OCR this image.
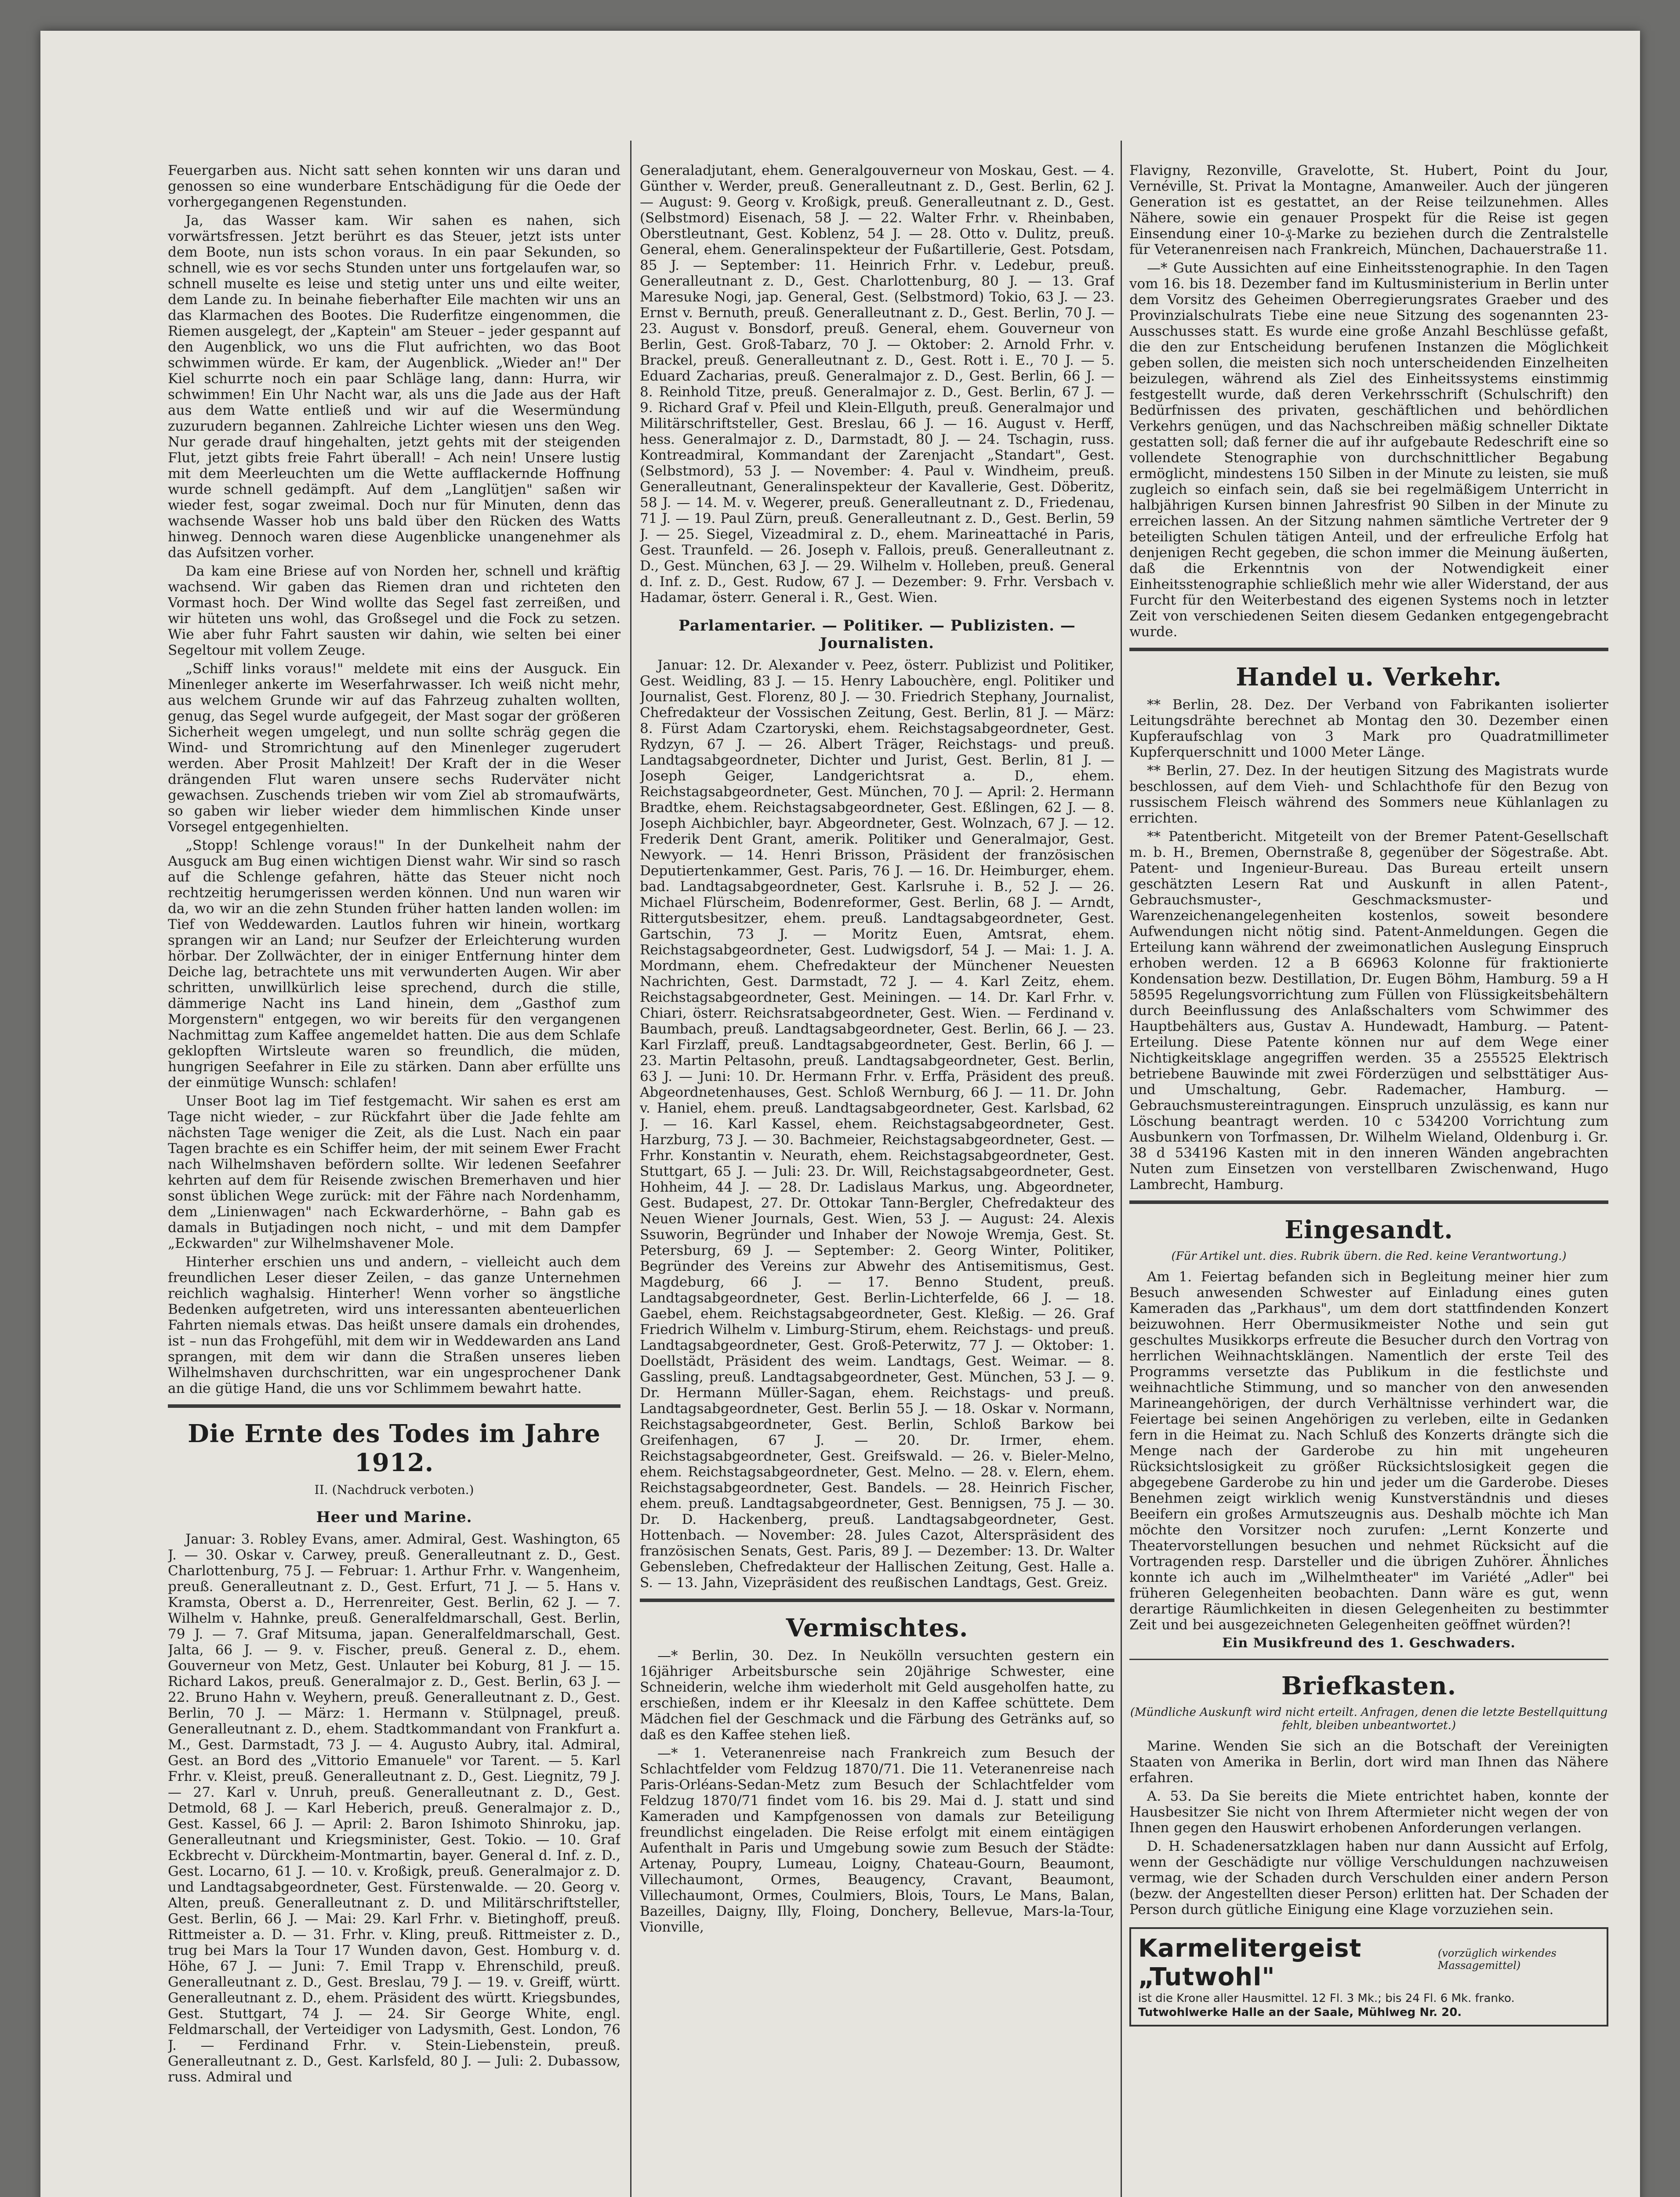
Feuergarben aus. Nicht satt sehen konnten wir uns daran und genossen so eine wunderbare Entschädigung für die Oede der vorhergegangenen Regenstunden.

Ja, das Wasser kam. Wir sahen es nahen, sich vorwärtsfressen. Jetzt berührt es das Steuer, jetzt ists unter dem Boote, nun ists schon voraus. In ein paar Sekunden, so schnell, wie es vor sechs Stunden unter uns fortgelaufen war, so schnell muselte es leise und stetig unter uns und eilte weiter, dem Lande zu. In beinahe fieberhafter Eile machten wir uns an das Klarmachen des Bootes. Die Ruderfitze eingenommen, die Riemen ausgelegt, der „Kaptein" am Steuer – jeder gespannt auf den Augenblick, wo uns die Flut aufrichten, wo das Boot schwimmen würde. Er kam, der Augenblick. „Wieder an!" Der Kiel schurrte noch ein paar Schläge lang, dann: Hurra, wir schwimmen! Ein Uhr Nacht war, als uns die Jade aus der Haft aus dem Watte entließ und wir auf die Wesermündung zuzurudern begannen. Zahlreiche Lichter wiesen uns den Weg. Nur gerade drauf hingehalten, jetzt gehts mit der steigenden Flut, jetzt gibts freie Fahrt überall! – Ach nein! Unsere lustig mit dem Meerleuchten um die Wette aufflackernde Hoffnung wurde schnell gedämpft. Auf dem „Langlütjen" saßen wir wieder fest, sogar zweimal. Doch nur für Minuten, denn das wachsende Wasser hob uns bald über den Rücken des Watts hinweg. Dennoch waren diese Augenblicke unangenehmer als das Aufsitzen vorher.

Da kam eine Briese auf von Norden her, schnell und kräftig wachsend. Wir gaben das Riemen dran und richteten den Vormast hoch. Der Wind wollte das Segel fast zerreißen, und wir hüteten uns wohl, das Großsegel und die Fock zu setzen. Wie aber fuhr Fahrt sausten wir dahin, wie selten bei einer Segeltour mit vollem Zeuge.

„Schiff links voraus!" meldete mit eins der Ausguck. Ein Minenleger ankerte im Weserfahrwasser. Ich weiß nicht mehr, aus welchem Grunde wir auf das Fahrzeug zuhalten wollten, genug, das Segel wurde aufgegeit, der Mast sogar der größeren Sicherheit wegen umgelegt, und nun sollte schräg gegen die Wind- und Stromrichtung auf den Minenleger zugerudert werden. Aber Prosit Mahlzeit! Der Kraft der in die Weser drängenden Flut waren unsere sechs Ruderväter nicht gewachsen. Zuschends trieben wir vom Ziel ab stromaufwärts, so gaben wir lieber wieder dem himmlischen Kinde unser Vorsegel entgegenhielten.

„Stopp! Schlenge voraus!" In der Dunkelheit nahm der Ausguck am Bug einen wichtigen Dienst wahr. Wir sind so rasch auf die Schlenge gefahren, hätte das Steuer nicht noch rechtzeitig herumgerissen werden können. Und nun waren wir da, wo wir an die zehn Stunden früher hatten landen wollen: im Tief von Weddewarden. Lautlos fuhren wir hinein, wortkarg sprangen wir an Land; nur Seufzer der Erleichterung wurden hörbar. Der Zollwächter, der in einiger Entfernung hinter dem Deiche lag, betrachtete uns mit verwunderten Augen. Wir aber schritten, unwillkürlich leise sprechend, durch die stille, dämmerige Nacht ins Land hinein, dem „Gasthof zum Morgenstern" entgegen, wo wir bereits für den vergangenen Nachmittag zum Kaffee angemeldet hatten. Die aus dem Schlafe geklopften Wirtsleute waren so freundlich, die müden, hungrigen Seefahrer in Eile zu stärken. Dann aber erfüllte uns der einmütige Wunsch: schlafen!

Unser Boot lag im Tief festgemacht. Wir sahen es erst am Tage nicht wieder, – zur Rückfahrt über die Jade fehlte am nächsten Tage weniger die Zeit, als die Lust. Nach ein paar Tagen brachte es ein Schiffer heim, der mit seinem Ewer Fracht nach Wilhelmshaven befördern sollte. Wir ledenen Seefahrer kehrten auf dem für Reisende zwischen Bremerhaven und hier sonst üblichen Wege zurück: mit der Fähre nach Nordenhamm, dem „Linienwagen" nach Eckwarderhörne, – Bahn gab es damals in Butjadingen noch nicht, – und mit dem Dampfer „Eckwarden" zur Wilhelmshavener Mole.

Hinterher erschien uns und andern, – vielleicht auch dem freundlichen Leser dieser Zeilen, – das ganze Unternehmen reichlich waghalsig. Hinterher! Wenn vorher so ängstliche Bedenken aufgetreten, wird uns interessanten abenteuerlichen Fahrten niemals etwas. Das heißt unsere damals ein drohendes, ist – nun das Frohgefühl, mit dem wir in Weddewarden ans Land sprangen, mit dem wir dann die Straßen unseres lieben Wilhelmshaven durchschritten, war ein ungesprochener Dank an die gütige Hand, die uns vor Schlimmem bewahrt hatte.

Die Ernte des Todes im Jahre 1912.
II. (Nachdruck verboten.)
Heer und Marine.

Januar: 3. Robley Evans, amer. Admiral, Gest. Washington, 65 J. — 30. Oskar v. Carwey, preuß. Generalleutnant z. D., Gest. Charlottenburg, 75 J. — Februar: 1. Arthur Frhr. v. Wangenheim, preuß. Generalleutnant z. D., Gest. Erfurt, 71 J. — 5. Hans v. Kramsta, Oberst a. D., Herrenreiter, Gest. Berlin, 62 J. — 7. Wilhelm v. Hahnke, preuß. Generalfeldmarschall, Gest. Berlin, 79 J. — 7. Graf Mitsuma, japan. Generalfeldmarschall, Gest. Jalta, 66 J. — 9. v. Fischer, preuß. General z. D., ehem. Gouverneur von Metz, Gest. Unlauter bei Koburg, 81 J. — 15. Richard Lakos, preuß. Generalmajor z. D., Gest. Berlin, 63 J. — 22. Bruno Hahn v. Weyhern, preuß. Generalleutnant z. D., Gest. Berlin, 70 J. — März: 1. Hermann v. Stülpnagel, preuß. Generalleutnant z. D., ehem. Stadtkommandant von Frankfurt a. M., Gest. Darmstadt, 73 J. — 4. Augusto Aubry, ital. Admiral, Gest. an Bord des „Vittorio Emanuele" vor Tarent. — 5. Karl Frhr. v. Kleist, preuß. Generalleutnant z. D., Gest. Liegnitz, 79 J. — 27. Karl v. Unruh, preuß. Generalleutnant z. D., Gest. Detmold, 68 J. — Karl Heberich, preuß. Generalmajor z. D., Gest. Kassel, 66 J. — April: 2. Baron Ishimoto Shinroku, jap. Generalleutnant und Kriegsminister, Gest. Tokio. — 10. Graf Eckbrecht v. Dürckheim-Montmartin, bayer. General d. Inf. z. D., Gest. Locarno, 61 J. — 10. v. Kroßigk, preuß. Generalmajor z. D. und Landtagsabgeordneter, Gest. Fürstenwalde. — 20. Georg v. Alten, preuß. Generalleutnant z. D. und Militärschriftsteller, Gest. Berlin, 66 J. — Mai: 29. Karl Frhr. v. Bietinghoff, preuß. Rittmeister a. D. — 31. Frhr. v. Kling, preuß. Rittmeister z. D., trug bei Mars la Tour 17 Wunden davon, Gest. Homburg v. d. Höhe, 67 J. — Juni: 7. Emil Trapp v. Ehrenschild, preuß. Generalleutnant z. D., Gest. Breslau, 79 J. — 19. v. Greiff, württ. Generalleutnant z. D., ehem. Präsident des württ. Kriegsbundes, Gest. Stuttgart, 74 J. — 24. Sir George White, engl. Feldmarschall, der Verteidiger von Ladysmith, Gest. London, 76 J. — Ferdinand Frhr. v. Stein-Liebenstein, preuß. Generalleutnant z. D., Gest. Karlsfeld, 80 J. — Juli: 2. Dubassow, russ. Admiral und

Generaladjutant, ehem. Generalgouverneur von Moskau, Gest. — 4. Günther v. Werder, preuß. Generalleutnant z. D., Gest. Berlin, 62 J. — August: 9. Georg v. Kroßigk, preuß. Generalleutnant z. D., Gest. (Selbstmord) Eisenach, 58 J. — 22. Walter Frhr. v. Rheinbaben, Oberstleutnant, Gest. Koblenz, 54 J. — 28. Otto v. Dulitz, preuß. General, ehem. Generalinspekteur der Fußartillerie, Gest. Potsdam, 85 J. — September: 11. Heinrich Frhr. v. Ledebur, preuß. Generalleutnant z. D., Gest. Charlottenburg, 80 J. — 13. Graf Maresuke Nogi, jap. General, Gest. (Selbstmord) Tokio, 63 J. — 23. Ernst v. Bernuth, preuß. Generalleutnant z. D., Gest. Berlin, 70 J. — 23. August v. Bonsdorf, preuß. General, ehem. Gouverneur von Berlin, Gest. Groß-Tabarz, 70 J. — Oktober: 2. Arnold Frhr. v. Brackel, preuß. Generalleutnant z. D., Gest. Rott i. E., 70 J. — 5. Eduard Zacharias, preuß. Generalmajor z. D., Gest. Berlin, 66 J. — 8. Reinhold Titze, preuß. Generalmajor z. D., Gest. Berlin, 67 J. — 9. Richard Graf v. Pfeil und Klein-Ellguth, preuß. Generalmajor und Militärschriftsteller, Gest. Breslau, 66 J. — 16. August v. Herff, hess. Generalmajor z. D., Darmstadt, 80 J. — 24. Tschagin, russ. Kontreadmiral, Kommandant der Zarenjacht „Standart", Gest. (Selbstmord), 53 J. — November: 4. Paul v. Windheim, preuß. Generalleutnant, Generalinspekteur der Kavallerie, Gest. Döberitz, 58 J. — 14. M. v. Wegerer, preuß. Generalleutnant z. D., Friedenau, 71 J. — 19. Paul Zürn, preuß. Generalleutnant z. D., Gest. Berlin, 59 J. — 25. Siegel, Vizeadmiral z. D., ehem. Marineattaché in Paris, Gest. Traunfeld. — 26. Joseph v. Fallois, preuß. Generalleutnant z. D., Gest. München, 63 J. — 29. Wilhelm v. Holleben, preuß. General d. Inf. z. D., Gest. Rudow, 67 J. — Dezember: 9. Frhr. Versbach v. Hadamar, österr. General i. R., Gest. Wien.

Parlamentarier. — Politiker. — Publizisten. — Journalisten.

Januar: 12. Dr. Alexander v. Peez, österr. Publizist und Politiker, Gest. Weidling, 83 J. — 15. Henry Labouchère, engl. Politiker und Journalist, Gest. Florenz, 80 J. — 30. Friedrich Stephany, Journalist, Chefredakteur der Vossischen Zeitung, Gest. Berlin, 81 J. — März: 8. Fürst Adam Czartoryski, ehem. Reichstagsabgeordneter, Gest. Rydzyn, 67 J. — 26. Albert Träger, Reichstags- und preuß. Landtagsabgeordneter, Dichter und Jurist, Gest. Berlin, 81 J. — Joseph Geiger, Landgerichtsrat a. D., ehem. Reichstagsabgeordneter, Gest. München, 70 J. — April: 2. Hermann Bradtke, ehem. Reichstagsabgeordneter, Gest. Eßlingen, 62 J. — 8. Joseph Aichbichler, bayr. Abgeordneter, Gest. Wolnzach, 67 J. — 12. Frederik Dent Grant, amerik. Politiker und Generalmajor, Gest. Newyork. — 14. Henri Brisson, Präsident der französischen Deputiertenkammer, Gest. Paris, 76 J. — 16. Dr. Heimburger, ehem. bad. Landtagsabgeordneter, Gest. Karlsruhe i. B., 52 J. — 26. Michael Flürscheim, Bodenreformer, Gest. Berlin, 68 J. — Arndt, Rittergutsbesitzer, ehem. preuß. Landtagsabgeordneter, Gest. Gartschin, 73 J. — Moritz Euen, Amtsrat, ehem. Reichstagsabgeordneter, Gest. Ludwigsdorf, 54 J. — Mai: 1. J. A. Mordmann, ehem. Chefredakteur der Münchener Neuesten Nachrichten, Gest. Darmstadt, 72 J. — 4. Karl Zeitz, ehem. Reichstagsabgeordneter, Gest. Meiningen. — 14. Dr. Karl Frhr. v. Chiari, österr. Reichsratsabgeordneter, Gest. Wien. — Ferdinand v. Baumbach, preuß. Landtagsabgeordneter, Gest. Berlin, 66 J. — 23. Karl Firzlaff, preuß. Landtagsabgeordneter, Gest. Berlin, 66 J. — 23. Martin Peltasohn, preuß. Landtagsabgeordneter, Gest. Berlin, 63 J. — Juni: 10. Dr. Hermann Frhr. v. Erffa, Präsident des preuß. Abgeordnetenhauses, Gest. Schloß Wernburg, 66 J. — 11. Dr. John v. Haniel, ehem. preuß. Landtagsabgeordneter, Gest. Karlsbad, 62 J. — 16. Karl Kassel, ehem. Reichstagsabgeordneter, Gest. Harzburg, 73 J. — 30. Bachmeier, Reichstagsabgeordneter, Gest. — Frhr. Konstantin v. Neurath, ehem. Reichstagsabgeordneter, Gest. Stuttgart, 65 J. — Juli: 23. Dr. Will, Reichstagsabgeordneter, Gest. Hohheim, 44 J. — 28. Dr. Ladislaus Markus, ung. Abgeordneter, Gest. Budapest, 27. Dr. Ottokar Tann-Bergler, Chefredakteur des Neuen Wiener Journals, Gest. Wien, 53 J. — August: 24. Alexis Ssuworin, Begründer und Inhaber der Nowoje Wremja, Gest. St. Petersburg, 69 J. — September: 2. Georg Winter, Politiker, Begründer des Vereins zur Abwehr des Antisemitismus, Gest. Magdeburg, 66 J. — 17. Benno Student, preuß. Landtagsabgeordneter, Gest. Berlin-Lichterfelde, 66 J. — 18. Gaebel, ehem. Reichstagsabgeordneter, Gest. Kleßig. — 26. Graf Friedrich Wilhelm v. Limburg-Stirum, ehem. Reichstags- und preuß. Landtagsabgeordneter, Gest. Groß-Peterwitz, 77 J. — Oktober: 1. Doellstädt, Präsident des weim. Landtags, Gest. Weimar. — 8. Gassling, preuß. Landtagsabgeordneter, Gest. München, 53 J. — 9. Dr. Hermann Müller-Sagan, ehem. Reichstags- und preuß. Landtagsabgeordneter, Gest. Berlin 55 J. — 18. Oskar v. Normann, Reichstagsabgeordneter, Gest. Berlin, Schloß Barkow bei Greifenhagen, 67 J. — 20. Dr. Irmer, ehem. Reichstagsabgeordneter, Gest. Greifswald. — 26. v. Bieler-Melno, ehem. Reichstagsabgeordneter, Gest. Melno. — 28. v. Elern, ehem. Reichstagsabgeordneter, Gest. Bandels. — 28. Heinrich Fischer, ehem. preuß. Landtagsabgeordneter, Gest. Bennigsen, 75 J. — 30. Dr. D. Hackenberg, preuß. Landtagsabgeordneter, Gest. Hottenbach. — November: 28. Jules Cazot, Alterspräsident des französischen Senats, Gest. Paris, 89 J. — Dezember: 13. Dr. Walter Gebensleben, Chefredakteur der Hallischen Zeitung, Gest. Halle a. S. — 13. Jahn, Vizepräsident des reußischen Landtags, Gest. Greiz.

Vermischtes.

—* Berlin, 30. Dez. In Neukölln versuchten gestern ein 16jähriger Arbeitsbursche sein 20jährige Schwester, eine Schneiderin, welche ihm wiederholt mit Geld ausgeholfen hatte, zu erschießen, indem er ihr Kleesalz in den Kaffee schüttete. Dem Mädchen fiel der Geschmack und die Färbung des Getränks auf, so daß es den Kaffee stehen ließ.

—* 1. Veteranenreise nach Frankreich zum Besuch der Schlachtfelder vom Feldzug 1870/71. Die 11. Veteranenreise nach Paris-Orléans-Sedan-Metz zum Besuch der Schlachtfelder vom Feldzug 1870/71 findet vom 16. bis 29. Mai d. J. statt und sind Kameraden und Kampfgenossen von damals zur Beteiligung freundlichst eingeladen. Die Reise erfolgt mit einem eintägigen Aufenthalt in Paris und Umgebung sowie zum Besuch der Städte: Artenay, Poupry, Lumeau, Loigny, Chateau-Gourn, Beaumont, Villechaumont, Ormes, Beaugency, Cravant, Beaumont, Villechaumont, Ormes, Coulmiers, Blois, Tours, Le Mans, Balan, Bazeilles, Daigny, Illy, Floing, Donchery, Bellevue, Mars-la-Tour, Vionville,

Flavigny, Rezonville, Gravelotte, St. Hubert, Point du Jour, Vernéville, St. Privat la Montagne, Amanweiler. Auch der jüngeren Generation ist es gestattet, an der Reise teilzunehmen. Alles Nähere, sowie ein genauer Prospekt für die Reise ist gegen Einsendung einer 10-₰-Marke zu beziehen durch die Zentralstelle für Veteranenreisen nach Frankreich, München, Dachauerstraße 11.

—* Gute Aussichten auf eine Einheitsstenographie. In den Tagen vom 16. bis 18. Dezember fand im Kultusministerium in Berlin unter dem Vorsitz des Geheimen Oberregierungsrates Graeber und des Provinzialschulrats Tiebe eine neue Sitzung des sogenannten 23-Ausschusses statt. Es wurde eine große Anzahl Beschlüsse gefaßt, die den zur Entscheidung berufenen Instanzen die Möglichkeit geben sollen, die meisten sich noch unterscheidenden Einzelheiten beizulegen, während als Ziel des Einheitssystems einstimmig festgestellt wurde, daß deren Verkehrsschrift (Schulschrift) den Bedürfnissen des privaten, geschäftlichen und behördlichen Verkehrs genügen, und das Nachschreiben mäßig schneller Diktate gestatten soll; daß ferner die auf ihr aufgebaute Redeschrift eine so vollendete Stenographie von durchschnittlicher Begabung ermöglicht, mindestens 150 Silben in der Minute zu leisten, sie muß zugleich so einfach sein, daß sie bei regelmäßigem Unterricht in halbjährigen Kursen binnen Jahresfrist 90 Silben in der Minute zu erreichen lassen. An der Sitzung nahmen sämtliche Vertreter der 9 beteiligten Schulen tätigen Anteil, und der erfreuliche Erfolg hat denjenigen Recht gegeben, die schon immer die Meinung äußerten, daß die Erkenntnis von der Notwendigkeit einer Einheitsstenographie schließlich mehr wie aller Widerstand, der aus Furcht für den Weiterbestand des eigenen Systems noch in letzter Zeit von verschiedenen Seiten diesem Gedanken entgegengebracht wurde.

Handel u. Verkehr.

** Berlin, 28. Dez. Der Verband von Fabrikanten isolierter Leitungsdrähte berechnet ab Montag den 30. Dezember einen Kupferaufschlag von 3 Mark pro Quadratmillimeter Kupferquerschnitt und 1000 Meter Länge.

** Berlin, 27. Dez. In der heutigen Sitzung des Magistrats wurde beschlossen, auf dem Vieh- und Schlachthofe für den Bezug von russischem Fleisch während des Sommers neue Kühlanlagen zu errichten.

** Patentbericht. Mitgeteilt von der Bremer Patent-Gesellschaft m. b. H., Bremen, Obernstraße 8, gegenüber der Sögestraße. Abt. Patent- und Ingenieur-Bureau. Das Bureau erteilt unsern geschätzten Lesern Rat und Auskunft in allen Patent-, Gebrauchsmuster-, Geschmacksmuster- und Warenzeichenangelegenheiten kostenlos, soweit besondere Aufwendungen nicht nötig sind. Patent-Anmeldungen. Gegen die Erteilung kann während der zweimonatlichen Auslegung Einspruch erhoben werden. 12 a B 66963 Kolonne für fraktionierte Kondensation bezw. Destillation, Dr. Eugen Böhm, Hamburg. 59 a H 58595 Regelungsvorrichtung zum Füllen von Flüssigkeitsbehältern durch Beeinflussung des Anlaßschalters vom Schwimmer des Hauptbehälters aus, Gustav A. Hundewadt, Hamburg. — Patent-Erteilung. Diese Patente können nur auf dem Wege einer Nichtigkeitsklage angegriffen werden. 35 a 255525 Elektrisch betriebene Bauwinde mit zwei Förderzügen und selbsttätiger Aus- und Umschaltung, Gebr. Rademacher, Hamburg. — Gebrauchsmustereintragungen. Einspruch unzulässig, es kann nur Löschung beantragt werden. 10 c 534200 Vorrichtung zum Ausbunkern von Torfmassen, Dr. Wilhelm Wieland, Oldenburg i. Gr. 38 d 534196 Kasten mit in den inneren Wänden angebrachten Nuten zum Einsetzen von verstellbaren Zwischenwand, Hugo Lambrecht, Hamburg.

Eingesandt.
(Für Artikel unt. dies. Rubrik übern. die Red. keine Verantwortung.)

Am 1. Feiertag befanden sich in Begleitung meiner hier zum Besuch anwesenden Schwester auf Einladung eines guten Kameraden das „Parkhaus", um dem dort stattfindenden Konzert beizuwohnen. Herr Obermusikmeister Nothe und sein gut geschultes Musikkorps erfreute die Besucher durch den Vortrag von herrlichen Weihnachtsklängen. Namentlich der erste Teil des Programms versetzte das Publikum in die festlichste und weihnachtliche Stimmung, und so mancher von den anwesenden Marineangehörigen, der durch Verhältnisse verhindert war, die Feiertage bei seinen Angehörigen zu verleben, eilte in Gedanken fern in die Heimat zu. Nach Schluß des Konzerts drängte sich die Menge nach der Garderobe zu hin mit ungeheuren Rücksichtslosigkeit zu größer Rücksichtslosigkeit gegen die abgegebene Garderobe zu hin und jeder um die Garderobe. Dieses Benehmen zeigt wirklich wenig Kunstverständnis und dieses Beeifern ein großes Armutszeugnis aus. Deshalb möchte ich Man möchte den Vorsitzer noch zurufen: „Lernt Konzerte und Theatervorstellungen besuchen und nehmet Rücksicht auf die Vortragenden resp. Darsteller und die übrigen Zuhörer. Ähnliches konnte ich auch im „Wilhelmtheater" im Variété „Adler" bei früheren Gelegenheiten beobachten. Dann wäre es gut, wenn derartige Räumlichkeiten in diesen Gelegenheiten zu bestimmter Zeit und bei ausgezeichneten Gelegenheiten geöffnet würden?!

Ein Musikfreund des 1. Geschwaders.
Briefkasten.
(Mündliche Auskunft wird nicht erteilt. Anfragen, denen die letzte Bestellquittung fehlt, bleiben unbeantwortet.)

Marine. Wenden Sie sich an die Botschaft der Vereinigten Staaten von Amerika in Berlin, dort wird man Ihnen das Nähere erfahren.

A. 53. Da Sie bereits die Miete entrichtet haben, konnte der Hausbesitzer Sie nicht von Ihrem Aftermieter nicht wegen der von Ihnen gegen den Hauswirt erhobenen Anforderungen verlangen.

D. H. Schadenersatzklagen haben nur dann Aussicht auf Erfolg, wenn der Geschädigte nur völlige Verschuldungen nachzuweisen vermag, wie der Schaden durch Verschulden einer andern Person (bezw. der Angestellten dieser Person) erlitten hat. Der Schaden der Person durch gütliche Einigung eine Klage vorzuziehen sein.

Karmelitergeist „Tutwohl"
(vorzüglich wirkendes Massagemittel)
ist die Krone aller Hausmittel. 12 Fl. 3 Mk.; bis 24 Fl. 6 Mk. franko.
Tutwohlwerke Halle an der Saale, Mühlweg Nr. 20.
